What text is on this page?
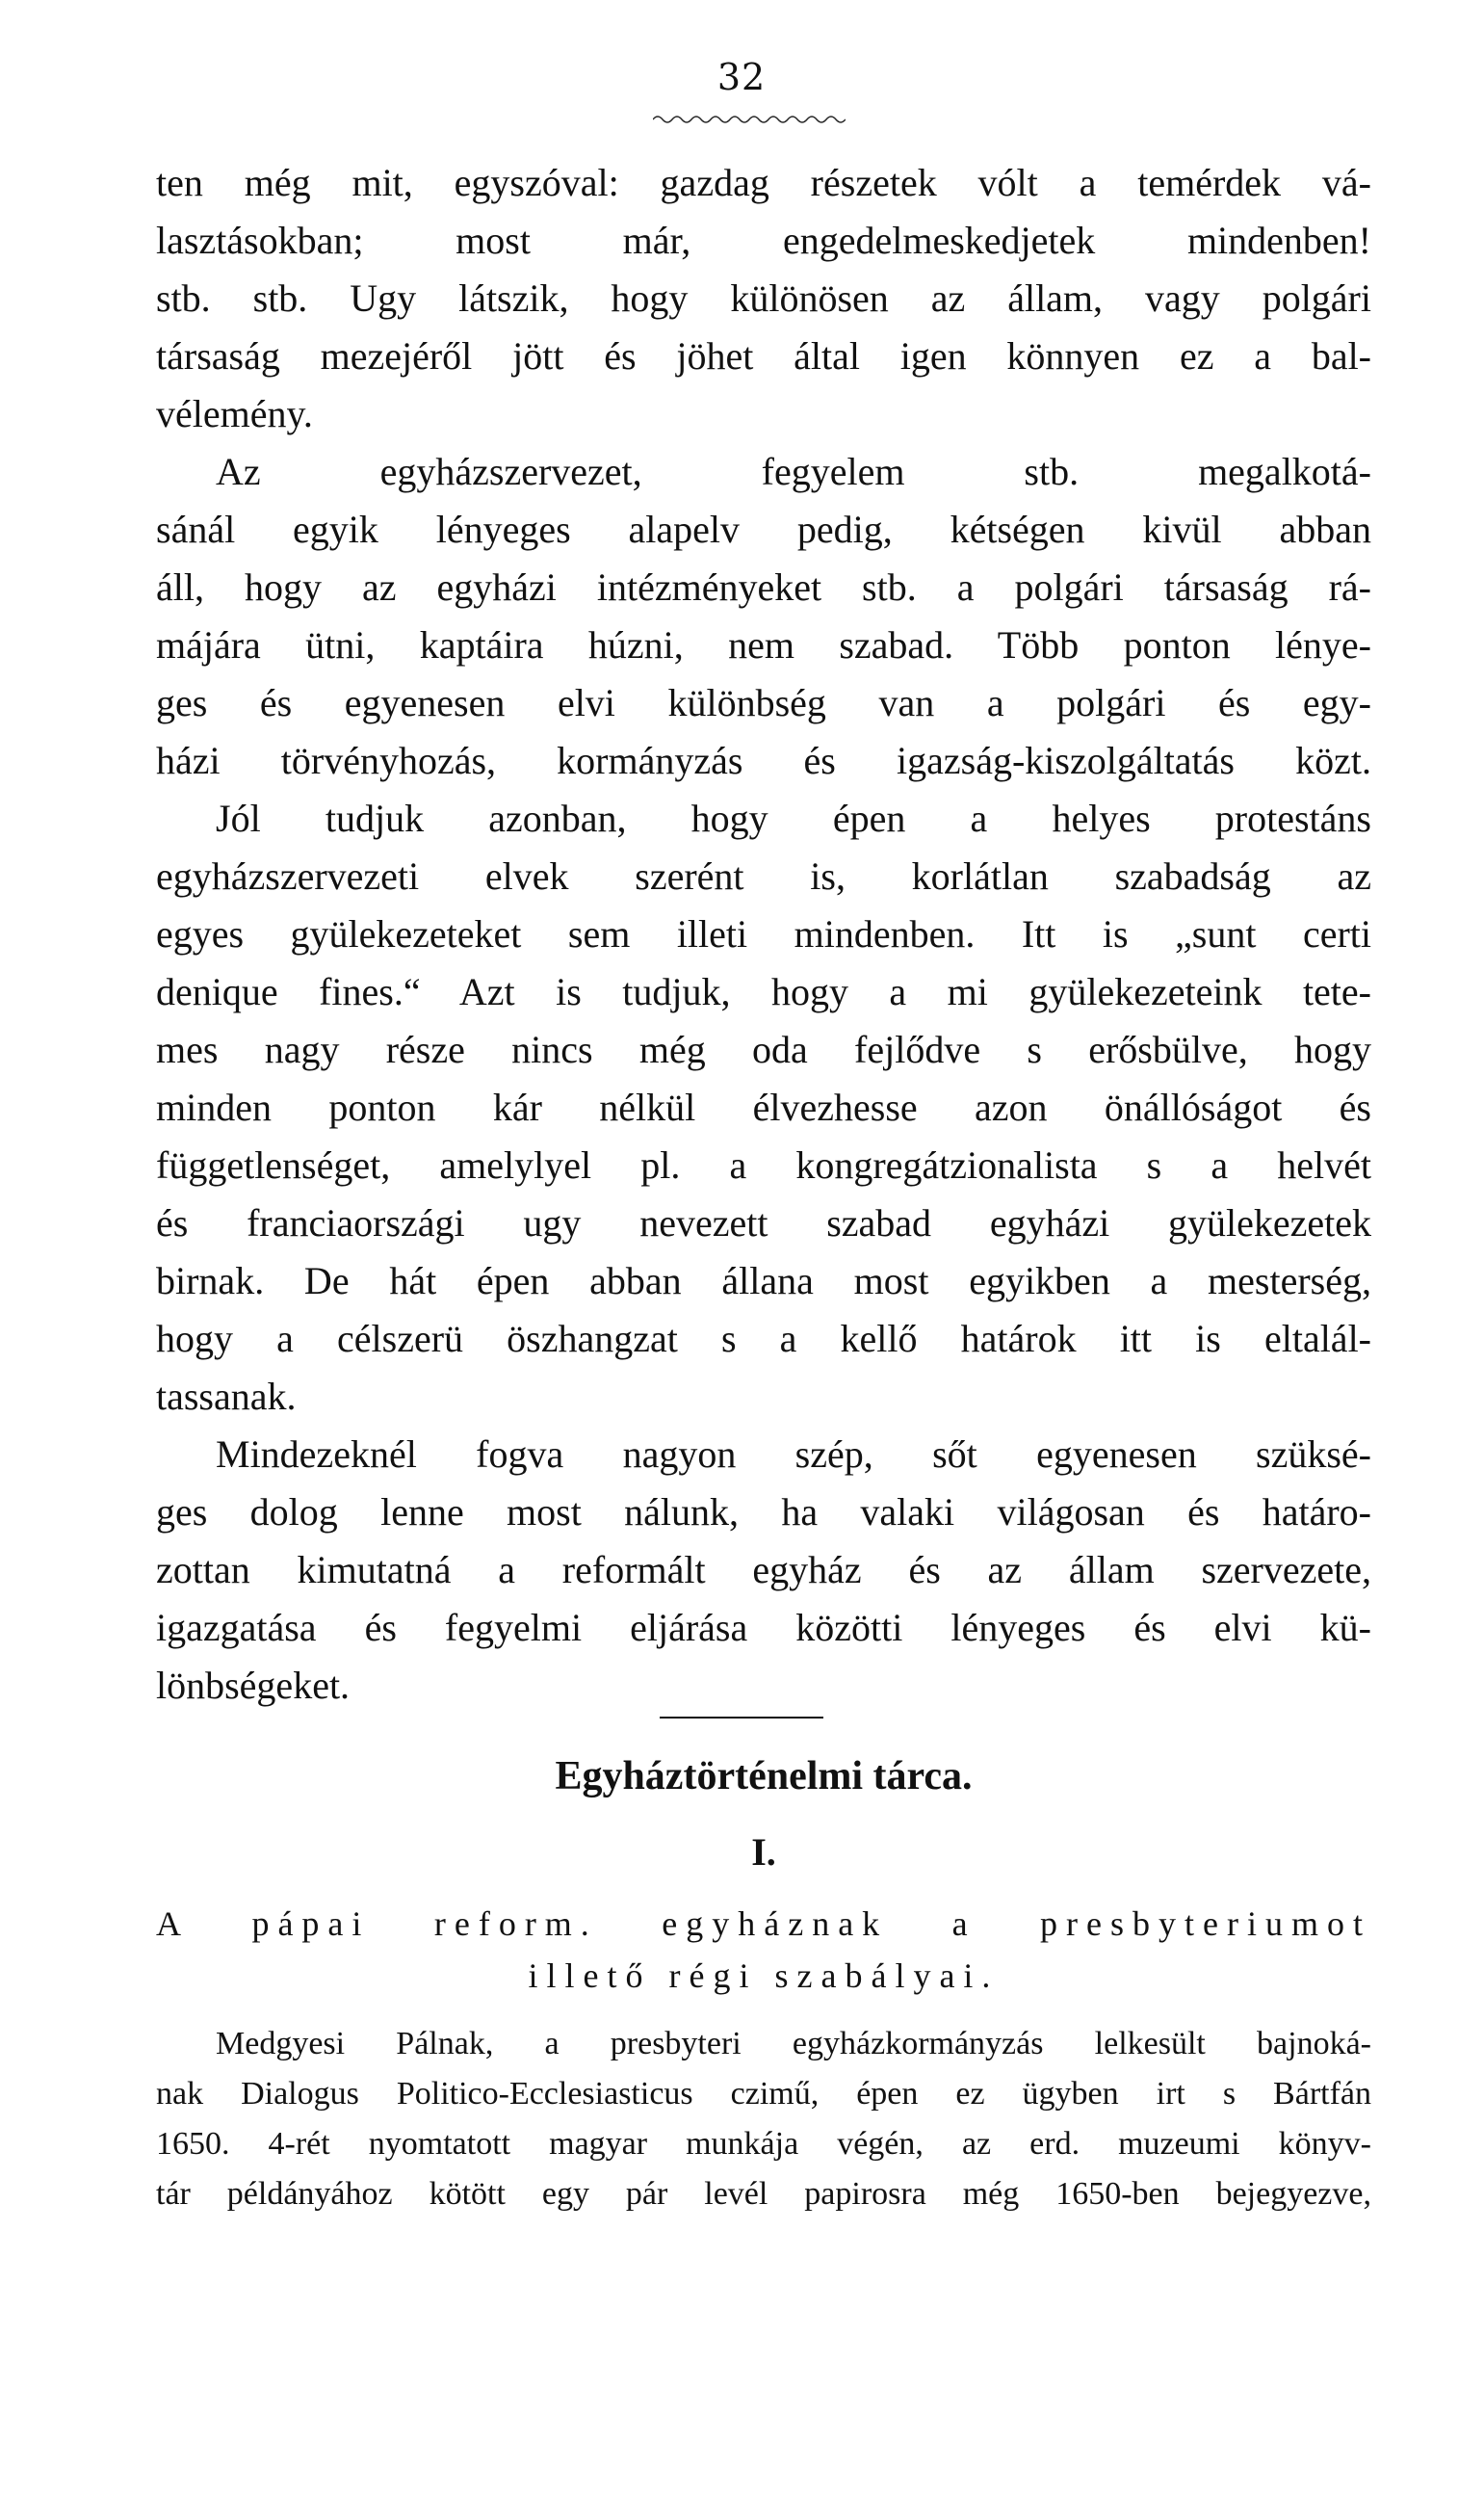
32
ten még mit, egyszóval: gazdag részetek vólt a temérdek vá-
lasztásokban; most már, engedelmeskedjetek mindenben!
stb. stb. Ugy látszik, hogy különösen az állam, vagy polgári
társaság mezejéről jött és jöhet által igen könnyen ez a bal-
vélemény.
Az egyházszervezet, fegyelem stb. megalkotá-
sánál egyik lényeges alapelv pedig, kétségen kivül abban
áll, hogy az egyházi intézményeket stb. a polgári társaság rá-
májára ütni, kaptáira húzni, nem szabad. Több ponton lénye-
ges és egyenesen elvi különbség van a polgári és egy-
házi törvényhozás, kormányzás és igazság-kiszolgáltatás közt.
Jól tudjuk azonban, hogy épen a helyes protestáns
egyházszervezeti elvek szerént is, korlátlan szabadság az
egyes gyülekezeteket sem illeti mindenben. Itt is „sunt certi
denique fines.“ Azt is tudjuk, hogy a mi gyülekezeteink tete-
mes nagy része nincs még oda fejlődve s erősbülve, hogy
minden ponton kár nélkül élvezhesse azon önállóságot és
függetlenséget, amelylyel pl. a kongregátzionalista s a helvét
és franciaországi ugy nevezett szabad egyházi gyülekezetek
birnak. De hát épen abban állana most egyikben a mesterség,
hogy a célszerü öszhangzat s a kellő határok itt is eltalál-
tassanak.
Mindezeknél fogva nagyon szép, sőt egyenesen szüksé-
ges dolog lenne most nálunk, ha valaki világosan és határo-
zottan kimutatná a reformált egyház és az állam szervezete,
igazgatása és fegyelmi eljárása közötti lényeges és elvi kü-
lönbségeket.
Egyháztörténelmi tárca.
I.
A pápai reform. egyháznak a presbyteriumot
illető régi szabályai.
Medgyesi Pálnak, a presbyteri egyházkormányzás lelkesült bajnoká-
nak Dialogus Politico-Ecclesiasticus czimű, épen ez ügyben irt s Bártfán
1650. 4-rét nyomtatott magyar munkája végén, az erd. muzeumi könyv-
tár példányához kötött egy pár levél papirosra még 1650-ben bejegyezve,
